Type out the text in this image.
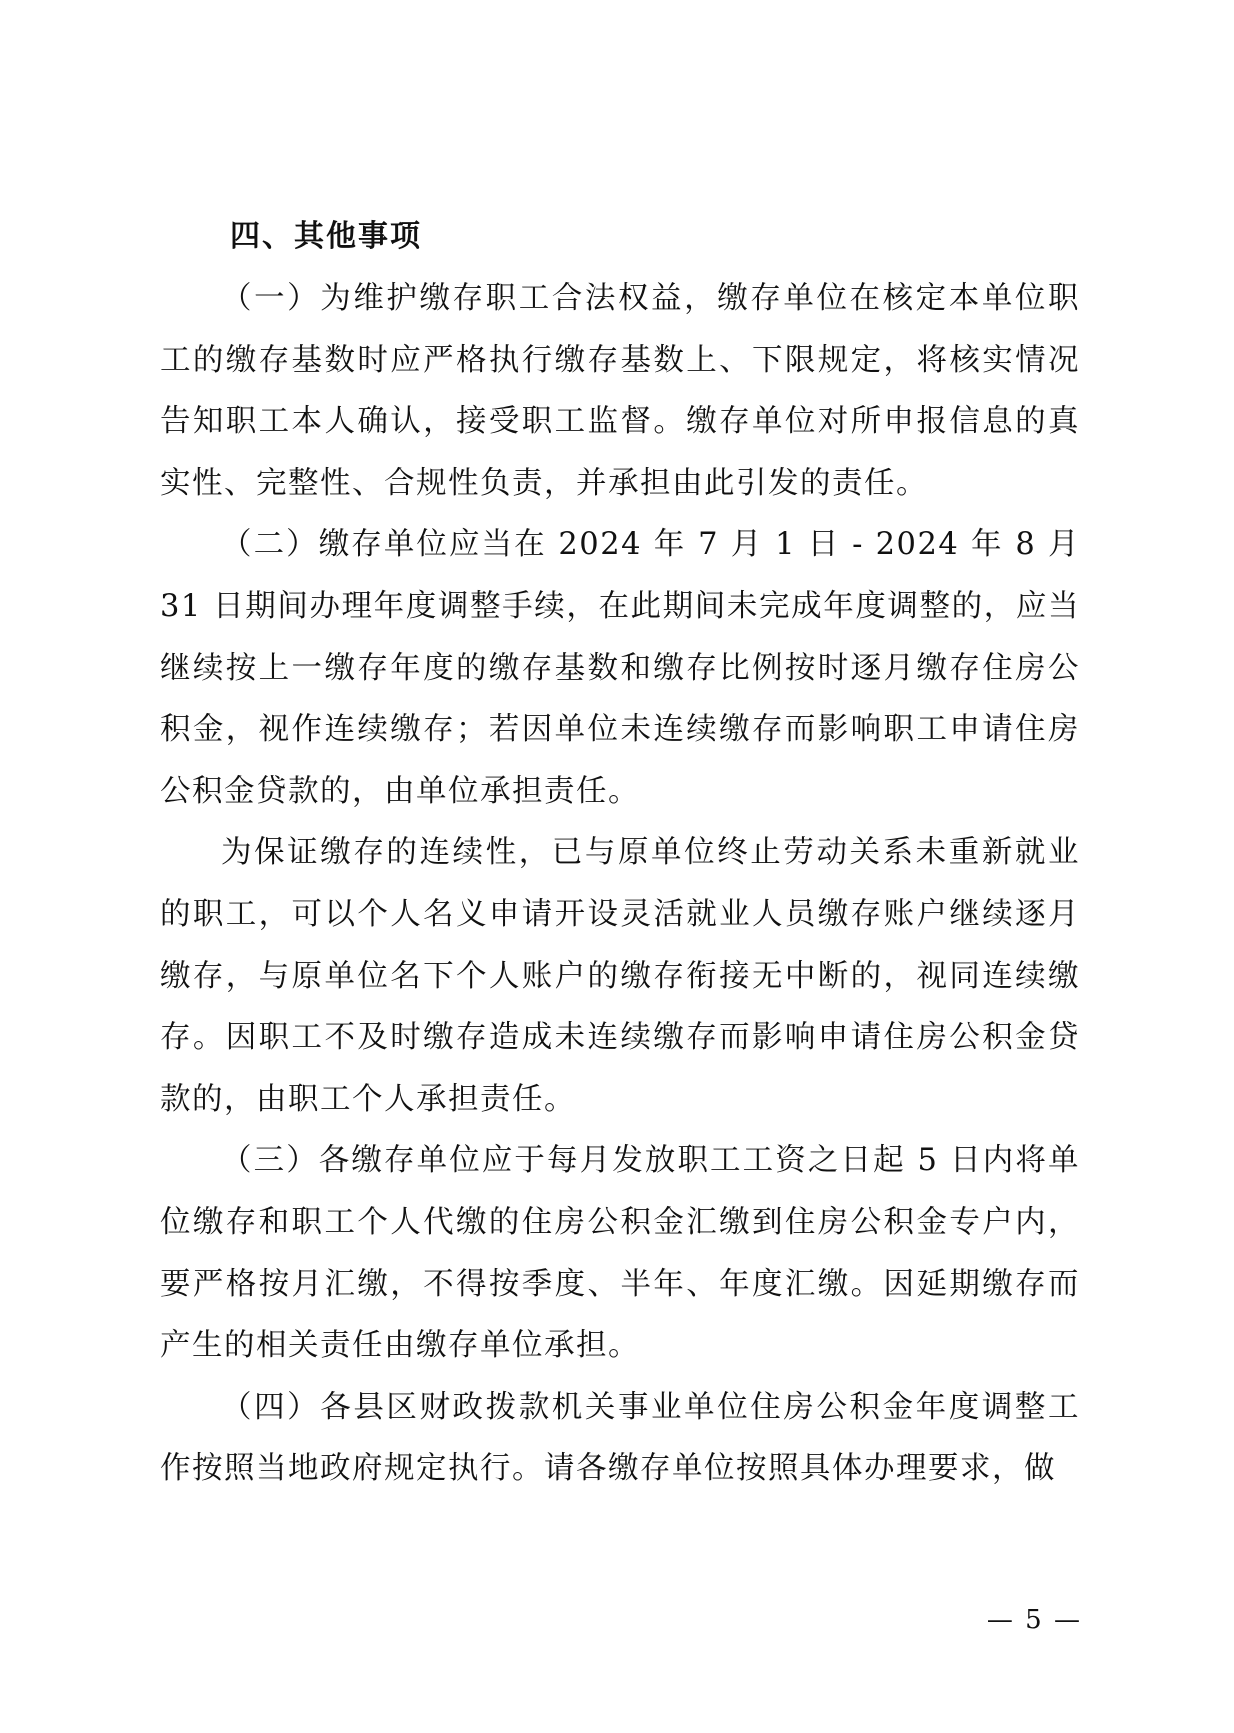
四、其他事项

（一）为维护缴存职工合法权益，缴存单位在核定本单位职工的缴存基数时应严格执行缴存基数上、下限规定，将核实情况告知职工本人确认，接受职工监督。缴存单位对所申报信息的真实性、完整性、合规性负责，并承担由此引发的责任。

（二）缴存单位应当在 2024 年 7 月 1 日 - 2024 年 8 月 31 日期间办理年度调整手续，在此期间未完成年度调整的，应当继续按上一缴存年度的缴存基数和缴存比例按时逐月缴存住房公积金，视作连续缴存；若因单位未连续缴存而影响职工申请住房公积金贷款的，由单位承担责任。

为保证缴存的连续性，已与原单位终止劳动关系未重新就业的职工，可以个人名义申请开设灵活就业人员缴存账户继续逐月缴存，与原单位名下个人账户的缴存衔接无中断的，视同连续缴存。因职工不及时缴存造成未连续缴存而影响申请住房公积金贷款的，由职工个人承担责任。

（三）各缴存单位应于每月发放职工工资之日起 5 日内将单位缴存和职工个人代缴的住房公积金汇缴到住房公积金专户内，要严格按月汇缴，不得按季度、半年、年度汇缴。因延期缴存而产生的相关责任由缴存单位承担。

（四）各县区财政拨款机关事业单位住房公积金年度调整工作按照当地政府规定执行。请各缴存单位按照具体办理要求，做

— 5 —
